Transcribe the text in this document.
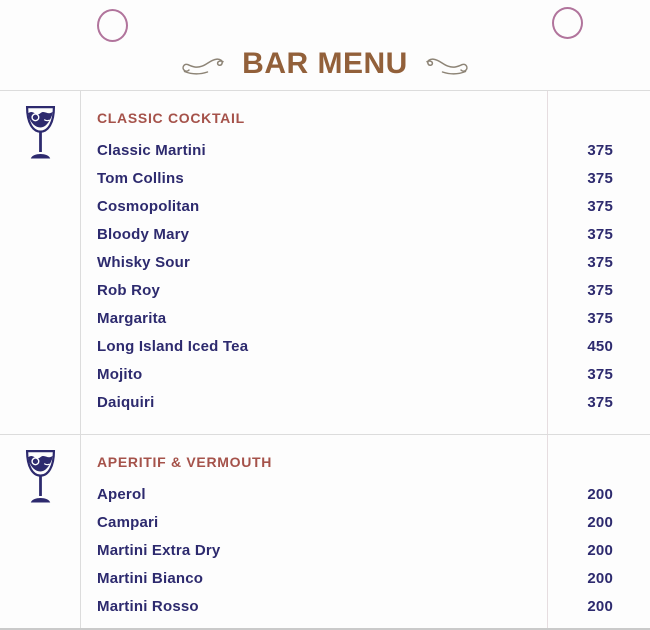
BAR MENU
CLASSIC COCKTAIL
Classic Martini
Tom Collins
Cosmopolitan
Bloody Mary
Whisky Sour
Rob Roy
Margarita
Long Island Iced Tea
Mojito
Daiquiri
375
375
375
375
375
375
375
450
375
375
APERITIF & VERMOUTH
Aperol
Campari
Martini Extra Dry
Martini Bianco
Martini Rosso
200
200
200
200
200
